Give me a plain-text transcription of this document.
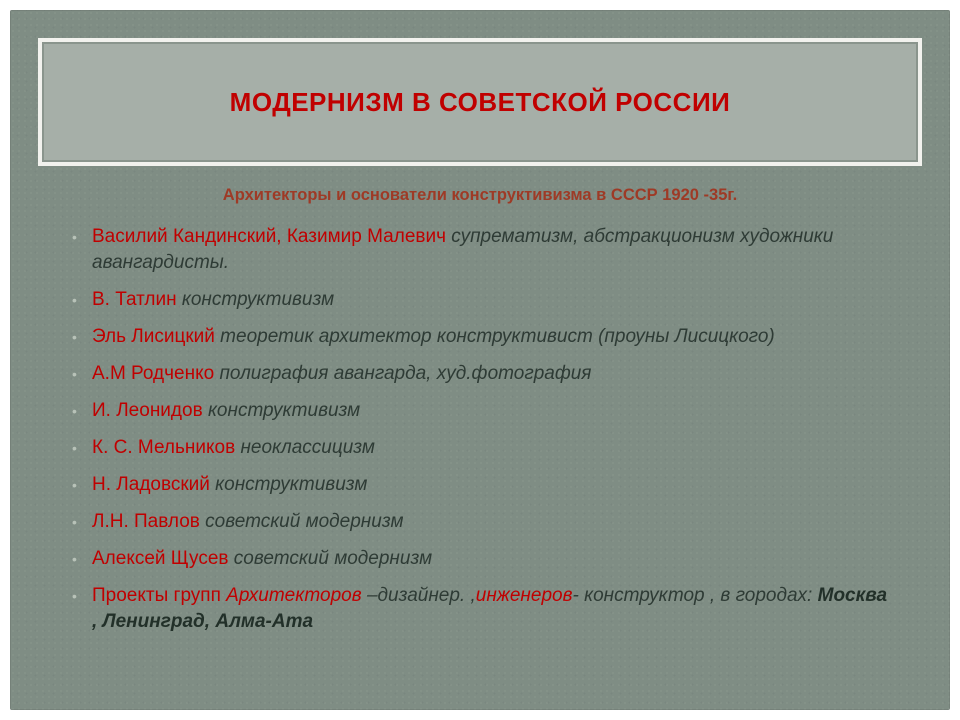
МОДЕРНИЗМ В СОВЕТСКОЙ РОССИИ
Архитекторы и основатели конструктивизма в СССР 1920 -35г.
• Василий Кандинский, Казимир Малевич супрематизм, абстракционизм художники авангардисты.
• В. Татлин конструктивизм
• Эль Лисицкий теоретик архитектор конструктивист (проуны Лисицкого)
• А.М Родченко полиграфия авангарда, худ.фотография
• И. Леонидов конструктивизм
• К. С. Мельников неоклассицизм
• Н. Ладовский конструктивизм
• Л.Н. Павлов советский модернизм
• Алексей Щусев советский модернизм
• Проекты групп Архитекторов –дизайнер. ,инженеров- конструктор , в городах: Москва , Ленинград, Алма-Ата
